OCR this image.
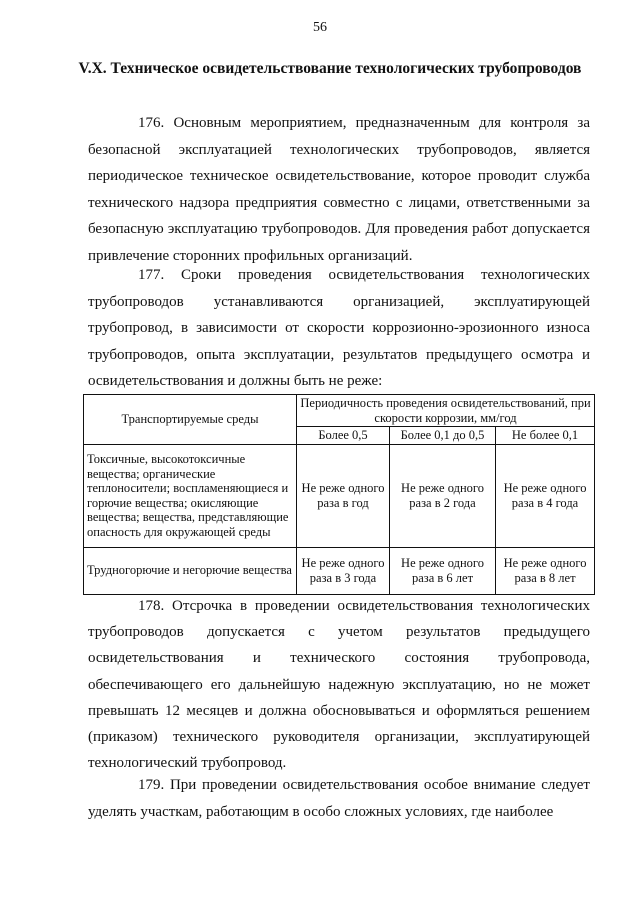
56
V.X. Техническое освидетельствование технологических трубопроводов

176. Основным мероприятием, предназначенным для контроля за безопасной эксплуатацией технологических трубопроводов, является периодическое техническое освидетельствование, которое проводит служба технического надзора предприятия совместно с лицами, ответственными за безопасную эксплуатацию трубопроводов. Для проведения работ допускается привлечение сторонних профильных организаций.

177. Сроки проведения освидетельствования технологических трубопроводов устанавливаются организацией, эксплуатирующей трубопровод, в зависимости от скорости коррозионно-эрозионного износа трубопроводов, опыта эксплуатации, результатов предыдущего осмотра и освидетельствования и должны быть не реже:

Транспортируемые среды	Периодичность проведения освидетельствований, при скорости коррозии, мм/год		
	Более 0,5	Более 0,1 до 0,5	Не более 0,1
Токсичные, высокотоксичные вещества; органические теплоносители; воспламеняющиеся и горючие вещества; окисляющие вещества; вещества, представляющие опасность для окружающей среды	Не реже одного раза в год	Не реже одного раза в 2 года	Не реже одного раза в 4 года
Трудногорючие и негорючие вещества	Не реже одного раза в 3 года	Не реже одного раза в 6 лет	Не реже одного раза в 8 лет

178. Отсрочка в проведении освидетельствования технологических трубопроводов допускается с учетом результатов предыдущего освидетельствования и технического состояния трубопровода, обеспечивающего его дальнейшую надежную эксплуатацию, но не может превышать 12 месяцев и должна обосновываться и оформляться решением (приказом) технического руководителя организации, эксплуатирующей технологический трубопровод.

179. При проведении освидетельствования особое внимание следует уделять участкам, работающим в особо сложных условиях, где наиболее
